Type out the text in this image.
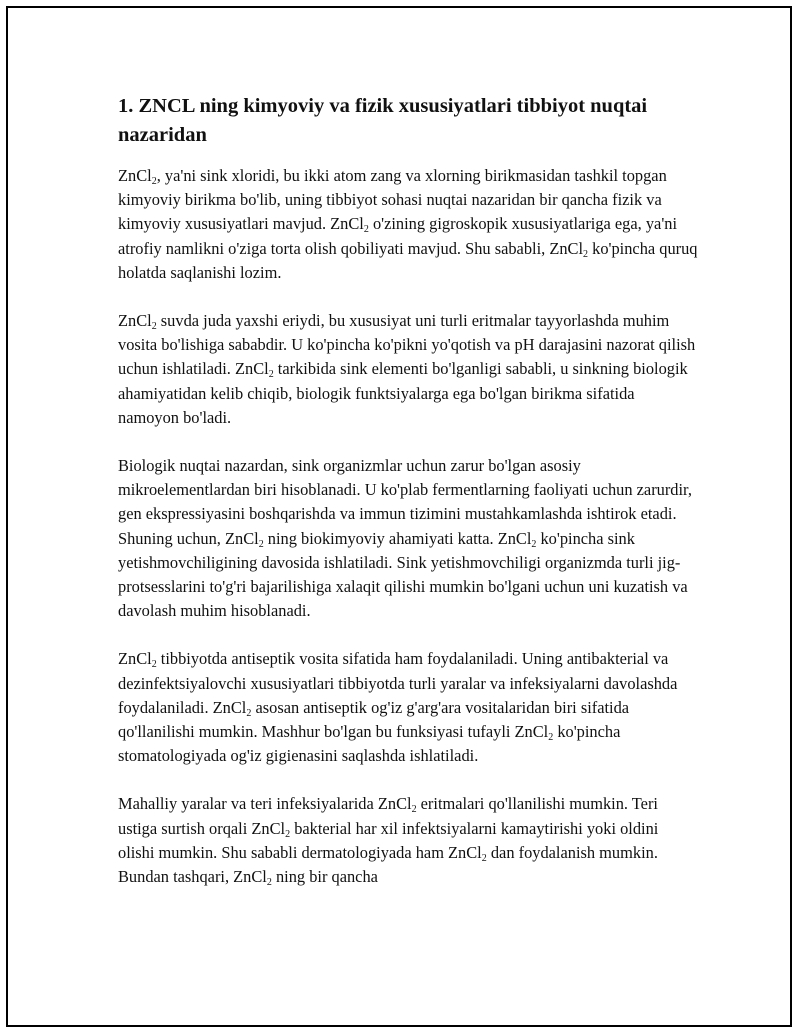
1. ZNCL ning kimyoviy va fizik xususiyatlari tibbiyot nuqtai nazaridan

ZnCl$_2$, ya'ni sink xloridi, bu ikki atom zang va xlorning birikmasidan tashkil topgan kimyoviy birikma bo'lib, uning tibbiyot sohasi nuqtai nazaridan bir qancha fizik va kimyoviy xususiyatlari mavjud. ZnCl$_2$ o'zining gigroskopik xususiyatlariga ega, ya'ni atrofiy namlikni o'ziga torta olish qobiliyati mavjud. Shu sababli, ZnCl$_2$ ko'pincha quruq holatda saqlanishi lozim.

ZnCl$_2$ suvda juda yaxshi eriydi, bu xususiyat uni turli eritmalar tayyorlashda muhim vosita bo'lishiga sababdir. U ko'pincha ko'pikni yo'qotish va pH darajasini nazorat qilish uchun ishlatiladi. ZnCl$_2$ tarkibida sink elementi bo'lganligi sababli, u sinkning biologik ahamiyatidan kelib chiqib, biologik funktsiyalarga ega bo'lgan birikma sifatida namoyon bo'ladi.

Biologik nuqtai nazardan, sink organizmlar uchun zarur bo'lgan asosiy mikroelementlardan biri hisoblanadi. U ko'plab fermentlarning faoliyati uchun zarurdir, gen ekspressiyasini boshqarishda va immun tizimini mustahkamlashda ishtirok etadi. Shuning uchun, ZnCl$_2$ ning biokimyoviy ahamiyati katta. ZnCl$_2$ ko'pincha sink yetishmovchiligining davosida ishlatiladi. Sink yetishmovchiligi organizmda turli jig-protsesslarini to'g'ri bajarilishiga xalaqit qilishi mumkin bo'lgani uchun uni kuzatish va davolash muhim hisoblanadi.

ZnCl$_2$ tibbiyotda antiseptik vosita sifatida ham foydalaniladi. Uning antibakterial va dezinfektsiyalovchi xususiyatlari tibbiyotda turli yaralar va infeksiyalarni davolashda foydalaniladi. ZnCl$_2$ asosan antiseptik og'iz g'arg'ara vositalaridan biri sifatida qo'llanilishi mumkin. Mashhur bo'lgan bu funksiyasi tufayli ZnCl$_2$ ko'pincha stomatologiyada og'iz gigienasini saqlashda ishlatiladi.

Mahalliy yaralar va teri infeksiyalarida ZnCl$_2$ eritmalari qo'llanilishi mumkin. Teri ustiga surtish orqali ZnCl$_2$ bakterial har xil infektsiyalarni kamaytirishi yoki oldini olishi mumkin. Shu sababli dermatologiyada ham ZnCl$_2$ dan foydalanish mumkin. Bundan tashqari, ZnCl$_2$ ning bir qancha
